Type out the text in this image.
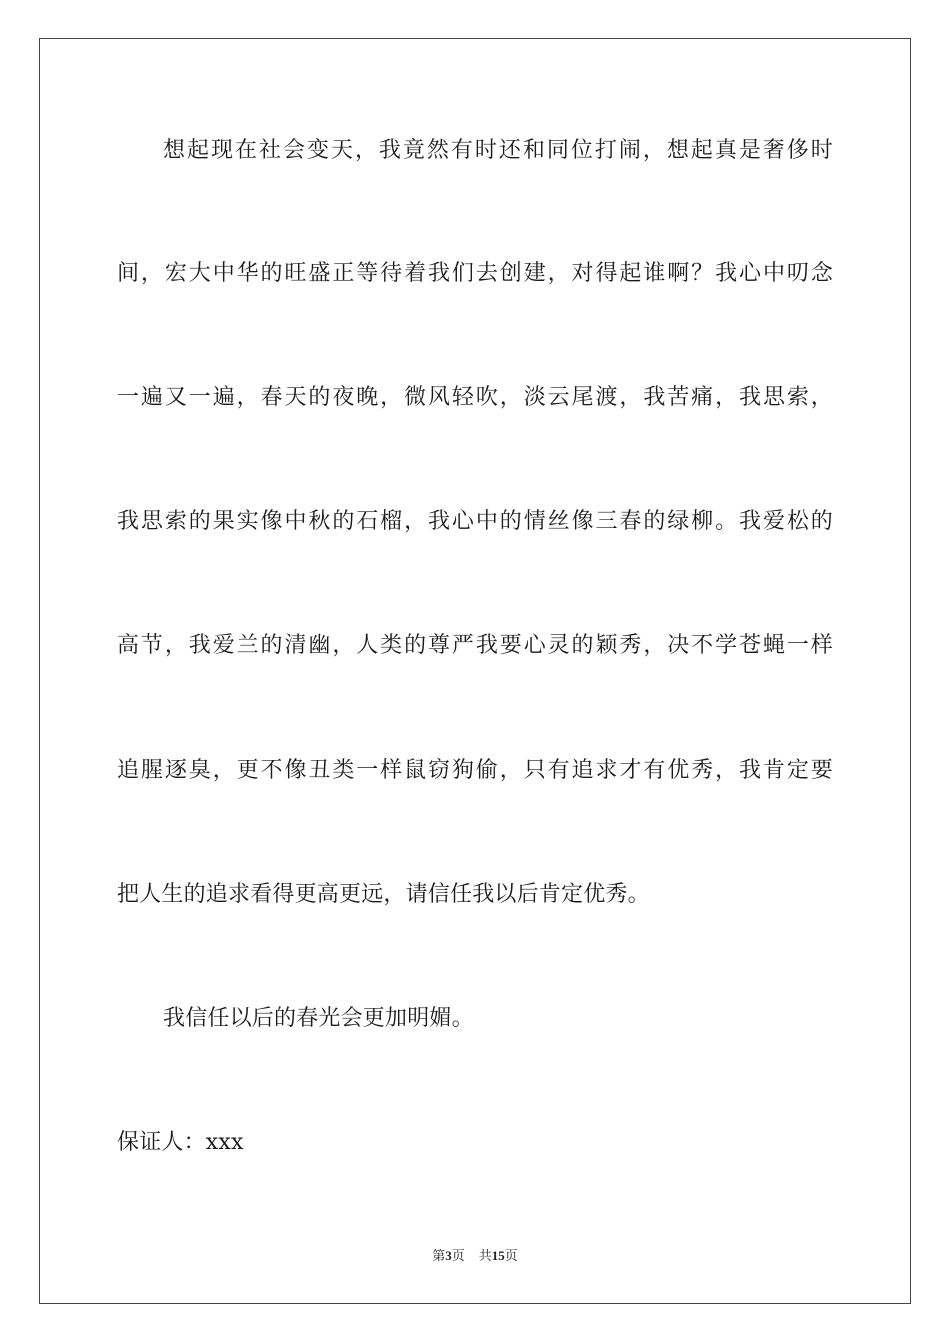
想起现在社会变天，我竟然有时还和同位打闹，想起真是奢侈时
间，宏大中华的旺盛正等待着我们去创建，对得起谁啊？我心中叨念
一遍又一遍，春天的夜晚，微风轻吹，淡云尾渡，我苦痛，我思索，
我思索的果实像中秋的石榴，我心中的情丝像三春的绿柳。我爱松的
高节，我爱兰的清幽，人类的尊严我要心灵的颖秀，决不学苍蝇一样
追腥逐臭，更不像丑类一样鼠窃狗偷，只有追求才有优秀，我肯定要
把人生的追求看得更高更远，请信任我以后肯定优秀。
我信任以后的春光会更加明媚。
保证人：xxx
第3页 共15页
